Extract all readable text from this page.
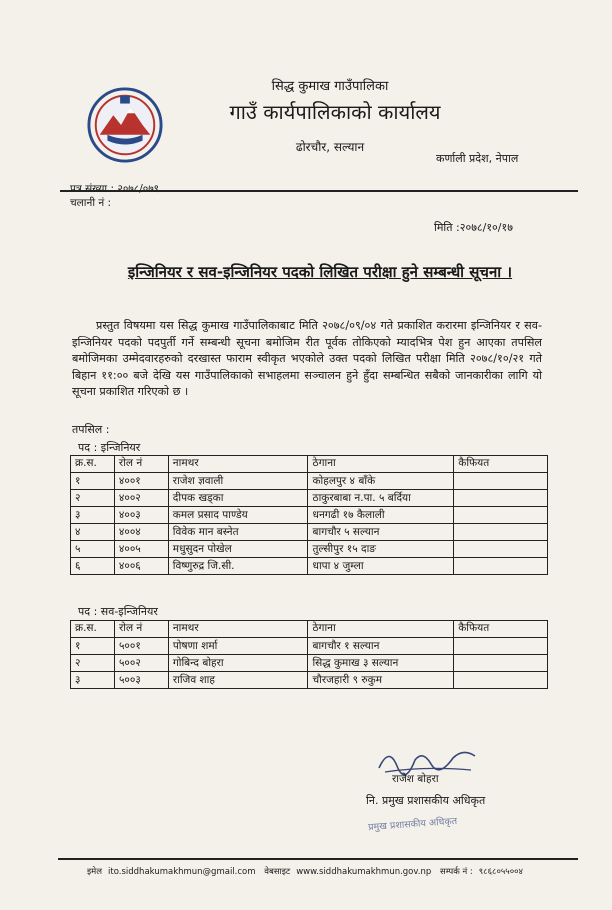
सिद्ध कुमाख गाउँपालिका
गाउँ कार्यपालिकाको कार्यालय
ढोरचौर, सल्यान
कर्णाली प्रदेश, नेपाल
पत्र संख्या : २०७८/०७९
चलानी नं :
मिति :२०७८/१०/१७
इन्जिनियर र सव-इन्जिनियर पदको लिखित परीक्षा हुने सम्बन्धी सूचना ।
प्रस्तुत विषयमा यस सिद्ध कुमाख गाउँपालिकाबाट मिति २०७८/०९/०४ गते प्रकाशित करारमा इन्जिनियर र सव-इन्जिनियर पदको पदपुर्ती गर्ने सम्बन्धी सूचना बमोजिम रीत पूर्वक तोकिएको म्यादभित्र पेश हुन आएका तपसिल बमोजिमका उम्मेदवारहरुको दरखास्त फाराम स्वीकृत भएकोले उक्त पदको लिखित परीक्षा मिति २०७८/१०/२१ गते बिहान ११:०० बजे देखि यस गाउँपालिकाको सभाहलमा सञ्चालन हुने हुँदा सम्बन्धित सबैको जानकारीका लागि यो सूचना प्रकाशित गरिएको छ ।
तपसिल :
पद : इन्जिनियर
क्र.स.	रोल नं	नामथर	ठेगाना	कैफियत
१	४००१	राजेश ज्ञवाली	कोहलपुर ४ बाँके	
२	४००२	दीपक खड्का	ठाकुरबाबा न.पा. ५ बर्दिया	
३	४००३	कमल प्रसाद पाण्डेय	धनगढी १७ कैलाली	
४	४००४	विवेक मान बस्नेत	बागचौर ५ सल्यान	
५	४००५	मधुसुदन पोखेल	तुल्सीपुर १५ दाङ	
६	४००६	विष्णुरुद्र जि.सी.	धापा ४ जुम्ला	
पद : सव-इन्जिनियर
क्र.स.	रोल नं	नामथर	ठेगाना	कैफियत
१	५००१	पोषणा शर्मा	बागचौर १ सल्यान	
२	५००२	गोबिन्द बोहरा	सिद्ध कुमाख ३ सल्यान	
३	५००३	राजिव शाह	चौरजहारी ९ रुकुम	
राजेश बोहरा
नि. प्रमुख प्रशासकीय अधिकृत
प्रमुख प्रशासकीय अधिकृत
इमेल ito.siddhakumakhmun@gmail.com वेबसाइट www.siddhakumakhmun.gov.np सम्पर्क नं : ९८६८०५५००४
